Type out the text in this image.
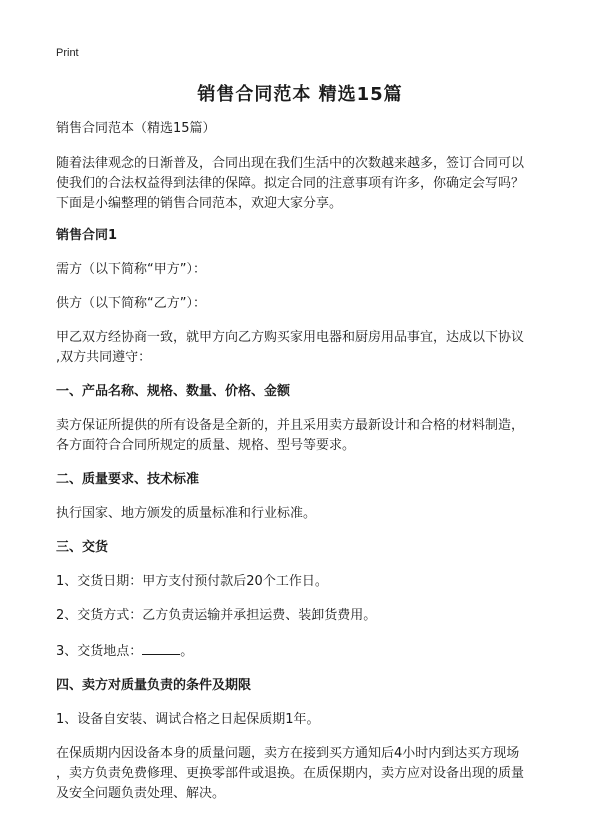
Print
销售合同范本 精选15篇
销售合同范本（精选15篇）
随着法律观念的日渐普及，合同出现在我们生活中的次数越来越多，签订合同可以
使我们的合法权益得到法律的保障。拟定合同的注意事项有许多，你确定会写吗？
下面是小编整理的销售合同范本，欢迎大家分享。
销售合同1
需方（以下简称“甲方”）：
供方（以下简称“乙方”）：
甲乙双方经协商一致，就甲方向乙方购买家用电器和厨房用品事宜，达成以下协议
,双方共同遵守：
一、产品名称、规格、数量、价格、金额
卖方保证所提供的所有设备是全新的，并且采用卖方最新设计和合格的材料制造，
各方面符合合同所规定的质量、规格、型号等要求。
二、质量要求、技术标准
执行国家、地方颁发的质量标准和行业标准。
三、交货
1、交货日期：甲方支付预付款后20个工作日。
2、交货方式：乙方负责运输并承担运费、装卸货费用。
3、交货地点：	。
四、卖方对质量负责的条件及期限
1、设备自安装、调试合格之日起保质期1年。
在保质期内因设备本身的质量问题，卖方在接到买方通知后4小时内到达买方现场
，卖方负责免费修理、更换零部件或退换。在质保期内，卖方应对设备出现的质量
及安全问题负责处理、解决。
